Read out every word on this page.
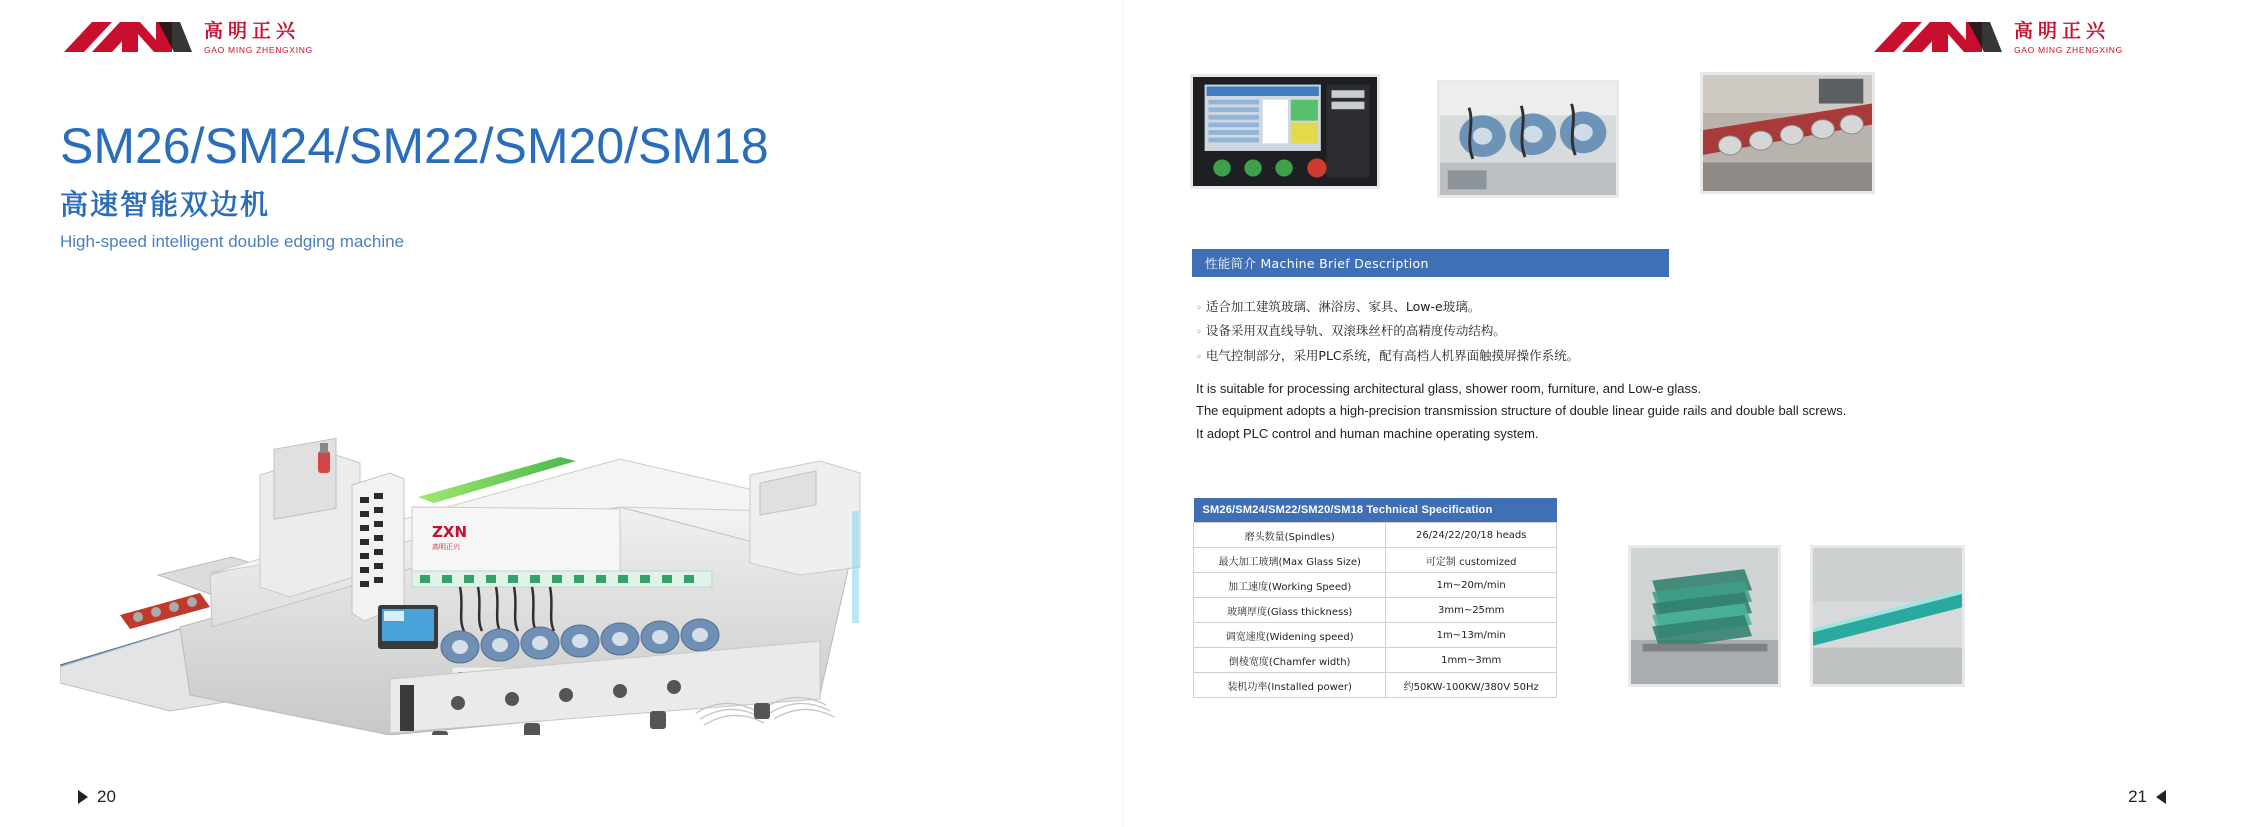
高明正兴
GAO MING ZHENGXING
高明正兴
GAO MING ZHENGXING
SM26/SM24/SM22/SM20/SM18
高速智能双边机
High-speed intelligent double edging machine
ZXN
高明正兴
20
性能简介 Machine Brief Description
◦ 适合加工建筑玻璃、淋浴房、家具、Low-e玻璃。
◦ 设备采用双直线导轨、双滚珠丝杆的高精度传动结构。
◦ 电气控制部分，采用PLC系统，配有高档人机界面触摸屏操作系统。
It is suitable for processing architectural glass, shower room, furniture, and Low-e glass.
The equipment adopts a high-precision transmission structure of double linear guide rails and double ball screws.
It adopt PLC control and human machine operating system.
SM26/SM24/SM22/SM20/SM18 Technical Specification	
磨头数量(Spindles)	26/24/22/20/18 heads
最大加工玻璃(Max Glass Size)	可定制 customized
加工速度(Working Speed)	1m~20m/min
玻璃厚度(Glass thickness)	3mm~25mm
调宽速度(Widening speed)	1m~13m/min
倒棱宽度(Chamfer width)	1mm~3mm
装机功率(Installed power)	约50KW-100KW/380V 50Hz
21
